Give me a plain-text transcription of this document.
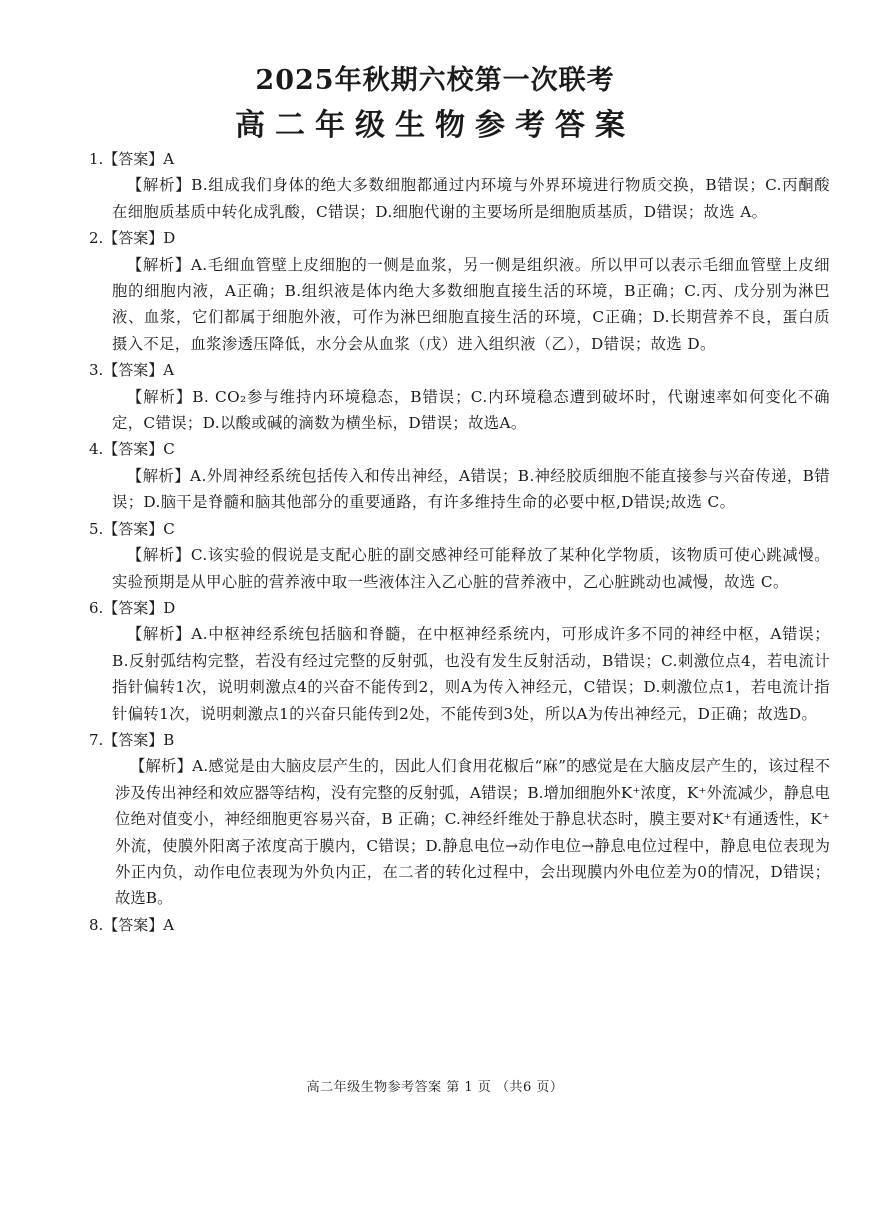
2025年秋期六校第一次联考
高二年级生物参考答案
1.【答案】A
【解析】B.组成我们身体的绝大多数细胞都通过内环境与外界环境进行物质交换，B错误；C.丙酮酸在细胞质基质中转化成乳酸，C错误；D.细胞代谢的主要场所是细胞质基质，D错误；故选 A。
2.【答案】D
【解析】A.毛细血管壁上皮细胞的一侧是血浆，另一侧是组织液。所以甲可以表示毛细血管壁上皮细胞的细胞内液，A正确；B.组织液是体内绝大多数细胞直接生活的环境，B正确；C.丙、戊分别为淋巴液、血浆，它们都属于细胞外液，可作为淋巴细胞直接生活的环境，C正确；D.长期营养不良，蛋白质摄入不足，血浆渗透压降低，水分会从血浆（戊）进入组织液（乙），D错误；故选 D。
3.【答案】A
【解析】B. CO₂参与维持内环境稳态，B错误；C.内环境稳态遭到破坏时，代谢速率如何变化不确定，C错误；D.以酸或碱的滴数为横坐标，D错误；故选A。
4.【答案】C
【解析】A.外周神经系统包括传入和传出神经，A错误；B.神经胶质细胞不能直接参与兴奋传递，B错误；D.脑干是脊髓和脑其他部分的重要通路，有许多维持生命的必要中枢,D错误;故选 C。
5.【答案】C
【解析】C.该实验的假说是支配心脏的副交感神经可能释放了某种化学物质，该物质可使心跳减慢。实验预期是从甲心脏的营养液中取一些液体注入乙心脏的营养液中，乙心脏跳动也减慢，故选 C。
6.【答案】D
【解析】A.中枢神经系统包括脑和脊髓，在中枢神经系统内，可形成许多不同的神经中枢，A错误；B.反射弧结构完整，若没有经过完整的反射弧，也没有发生反射活动，B错误；C.刺激位点4，若电流计指针偏转1次，说明刺激点4的兴奋不能传到2，则A为传入神经元，C错误；D.刺激位点1，若电流计指针偏转1次，说明刺激点1的兴奋只能传到2处，不能传到3处，所以A为传出神经元，D正确；故选D。
7.【答案】B
【解析】A.感觉是由大脑皮层产生的，因此人们食用花椒后“麻”的感觉是在大脑皮层产生的，该过程不涉及传出神经和效应器等结构，没有完整的反射弧，A错误；B.增加细胞外K⁺浓度，K⁺外流减少，静息电位绝对值变小，神经细胞更容易兴奋，B 正确；C.神经纤维处于静息状态时，膜主要对K⁺有通透性，K⁺外流，使膜外阳离子浓度高于膜内，C错误；D.静息电位→动作电位→静息电位过程中，静息电位表现为外正内负，动作电位表现为外负内正，在二者的转化过程中，会出现膜内外电位差为0的情况，D错误；故选B。
8.【答案】A
高二年级生物参考答案 第 1 页 （共6 页）
